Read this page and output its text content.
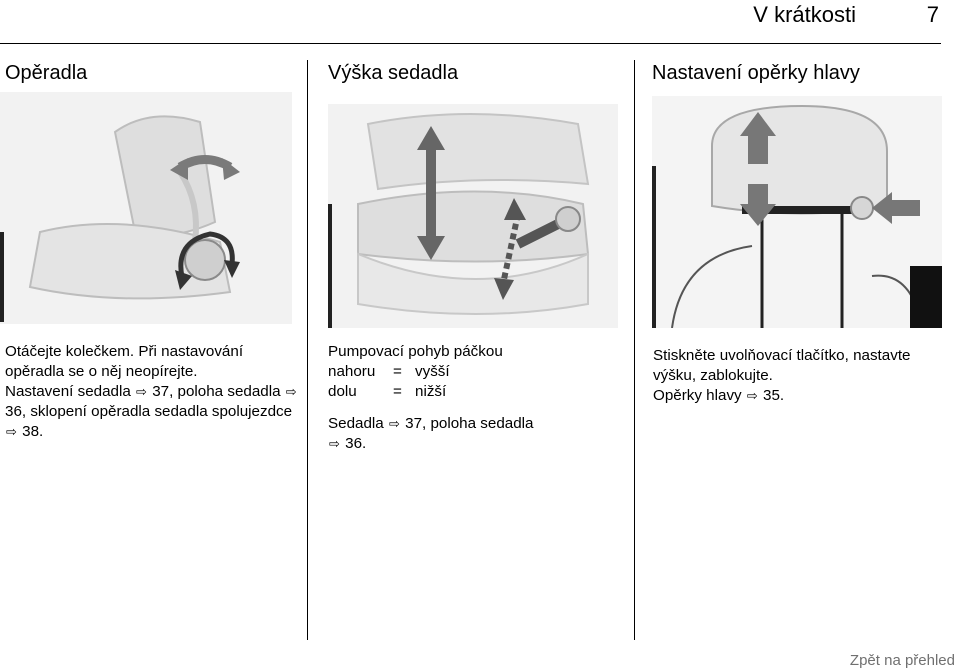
V krátkosti	7
Opěradla

Otáčejte kolečkem. Při nastavování opěradla se o něj neopírejte.

Nastavení sedadla ⇨ 37, poloha sedadla ⇨ 36, sklopení opěradla sedadla spolujezdce ⇨ 38.

Výška sedadla

Pumpovací pohyb páčkou

nahoru	= vyšší
dolu	= nižší

Sedadla ⇨ 37, poloha sedadla
⇨ 36.

Nastavení opěrky hlavy

Stiskněte uvolňovací tlačítko, nastavte výšku, zablokujte.

Opěrky hlavy ⇨ 35.

Zpět na přehled
